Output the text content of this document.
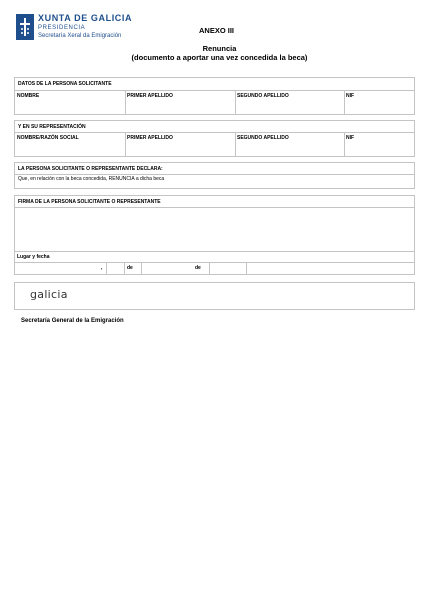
XUNTA DE GALICIA
PRESIDENCIA
Secretaría Xeral da Emigración
ANEXO III
Renuncia
(documento a aportar una vez concedida la beca)
DATOS DE LA PERSONA SOLICITANTE
NOMBRE	PRIMER APELLIDO	SEGUNDO APELLIDO	NIF
Y EN SU REPRESENTACIÓN
NOMBRE/RAZÓN SOCIAL	PRIMER APELLIDO	SEGUNDO APELLIDO	NIF
LA PERSONA SOLICITANTE O REPRESENTANTE DECLARA:
Que, en relación con la beca concedida, RENUNCIA a dicha beca
FIRMA DE LA PERSONA SOLICITANTE O REPRESENTANTE
Lugar y fecha
,	de	de
galicia
Secretaría General de la Emigración
